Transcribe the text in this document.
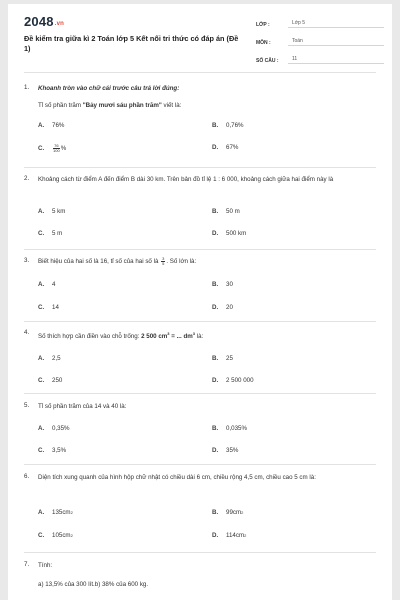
2048.vn
Đề kiểm tra giữa kì 2 Toán lớp 5 Kết nối tri thức có đáp án (Đề 1)
LỚP :	Lớp 5
MÔN :	Toán
SỐ CÂU :	11
1. Khoanh tròn vào chữ cái trước câu trả lời đúng:
Tỉ số phần trăm "Bảy mươi sáu phần trăm" viết là:
A.	76%	B.	0,76%
C.	$\frac{76}{100}$ %	D.	67%
2. Khoảng cách từ điểm A đến điểm B dài 30 km. Trên bản đồ tỉ lệ 1 : 6 000, khoảng cách giữa hai điểm này là
A.	5 km	B.	50 m
C.	5 m	D.	500 km
3. Biết hiệu của hai số là 16, tỉ số của hai số là $\frac{3}{5}$ . Số lớn là:
A.	4	B.	30
C.	14	D.	20
4.
Số thích hợp cần điền vào chỗ trống: 2 500 $cm^3$ = ... $dm^3$ là:
A.	2,5	B.	25
C.	250	D.	2 500 000
5. Tỉ số phần trăm của 14 và 40 là:
A.	0,35%	B.	0,035%
C.	3,5%	D.	35%
6. Diện tích xung quanh của hình hộp chữ nhật có chiều dài 6 cm, chiều rộng 4,5 cm, chiều cao 5 cm là:
A.	135 cm 2	B.	99 cm 2
C.	105 cm 2	D.	114 cm 2
7. Tính:
a) 13,5% của 300 lít.b) 38% của 600 kg.
